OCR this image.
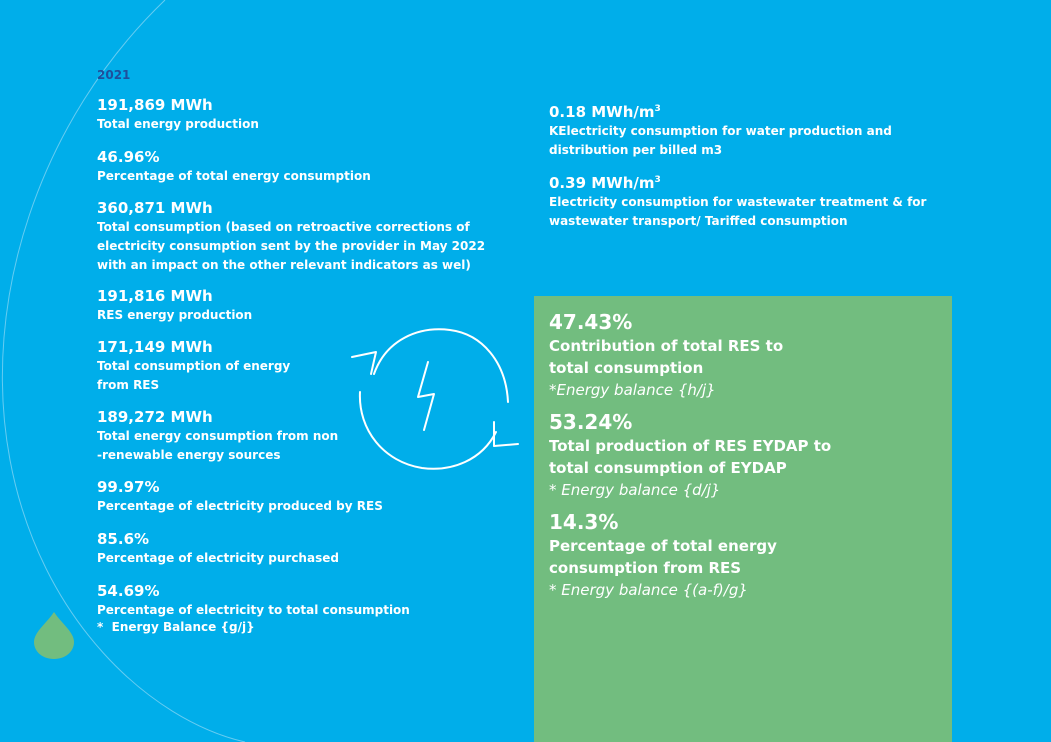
2021
191,869 MWh
Total energy production
46.96%
Percentage of total energy consumption
360,871 MWh
Total consumption (based on retroactive corrections of electricity consumption sent by the provider in May 2022 with an impact on the other relevant indicators as wel)
191,816 MWh
RES energy production
171,149 MWh
Total consumption of energy from RES
189,272 MWh
Total energy consumption from non -renewable energy sources
99.97%
Percentage of electricity produced by RES
85.6%
Percentage of electricity purchased
54.69%
Percentage of electricity to total consumption
*  Energy Balance {g/j}
0.18 MWh/$m^3$
KElectricity consumption for water production and distribution per billed m3
0.39 MWh/$m^3$
Electricity consumption for wastewater treatment & for wastewater transport/ Tariffed consumption
47.43%
Contribution of total RES to total consumption
*Energy balance {h/j}
53.24%
Total production of RES EYDAP to total consumption of EYDAP
* Energy balance {d/j}
14.3%
Percentage of total energy consumption from RES
* Energy balance {(a-f)/g}
